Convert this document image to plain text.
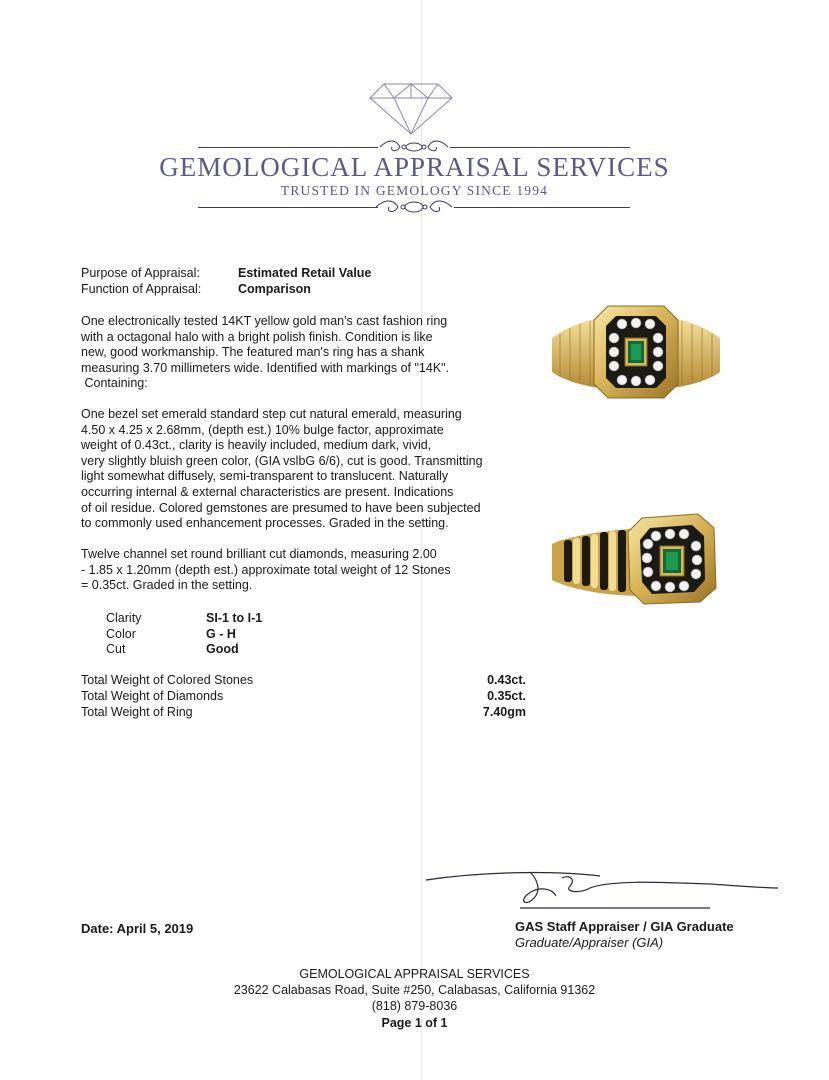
GEMOLOGICAL APPRAISAL SERVICES
TRUSTED IN GEMOLOGY SINCE 1994
Purpose of Appraisal:	Estimated Retail Value
Function of Appraisal:	Comparison
One electronically tested 14KT yellow gold man's cast fashion ring
with a octagonal halo with a bright polish finish. Condition is like
new, good workmanship. The featured man's ring has a shank
measuring 3.70 millimeters wide. Identified with markings of "14K".
Containing:
One bezel set emerald standard step cut natural emerald, measuring
4.50 x 4.25 x 2.68mm, (depth est.) 10% bulge factor, approximate
weight of 0.43ct., clarity is heavily included, medium dark, vivid,
very slightly bluish green color, (GIA vslbG 6/6), cut is good. Transmitting
light somewhat diffusely, semi-transparent to translucent. Naturally
occurring internal & external characteristics are present. Indications
of oil residue. Colored gemstones are presumed to have been subjected
to commonly used enhancement processes. Graded in the setting.
Twelve channel set round brilliant cut diamonds, measuring 2.00
- 1.85 x 1.20mm (depth est.) approximate total weight of 12 Stones
= 0.35ct. Graded in the setting.
Clarity	SI-1 to I-1
Color	G - H
Cut	Good
Total Weight of Colored Stones	0.43ct.
Total Weight of Diamonds	0.35ct.
Total Weight of Ring	7.40gm
Date: April 5, 2019	GAS Staff Appraiser / GIA Graduate
Graduate/Appraiser (GIA)
GEMOLOGICAL APPRAISAL SERVICES
23622 Calabasas Road, Suite #250, Calabasas, California 91362
(818) 879-8036
Page 1 of 1
